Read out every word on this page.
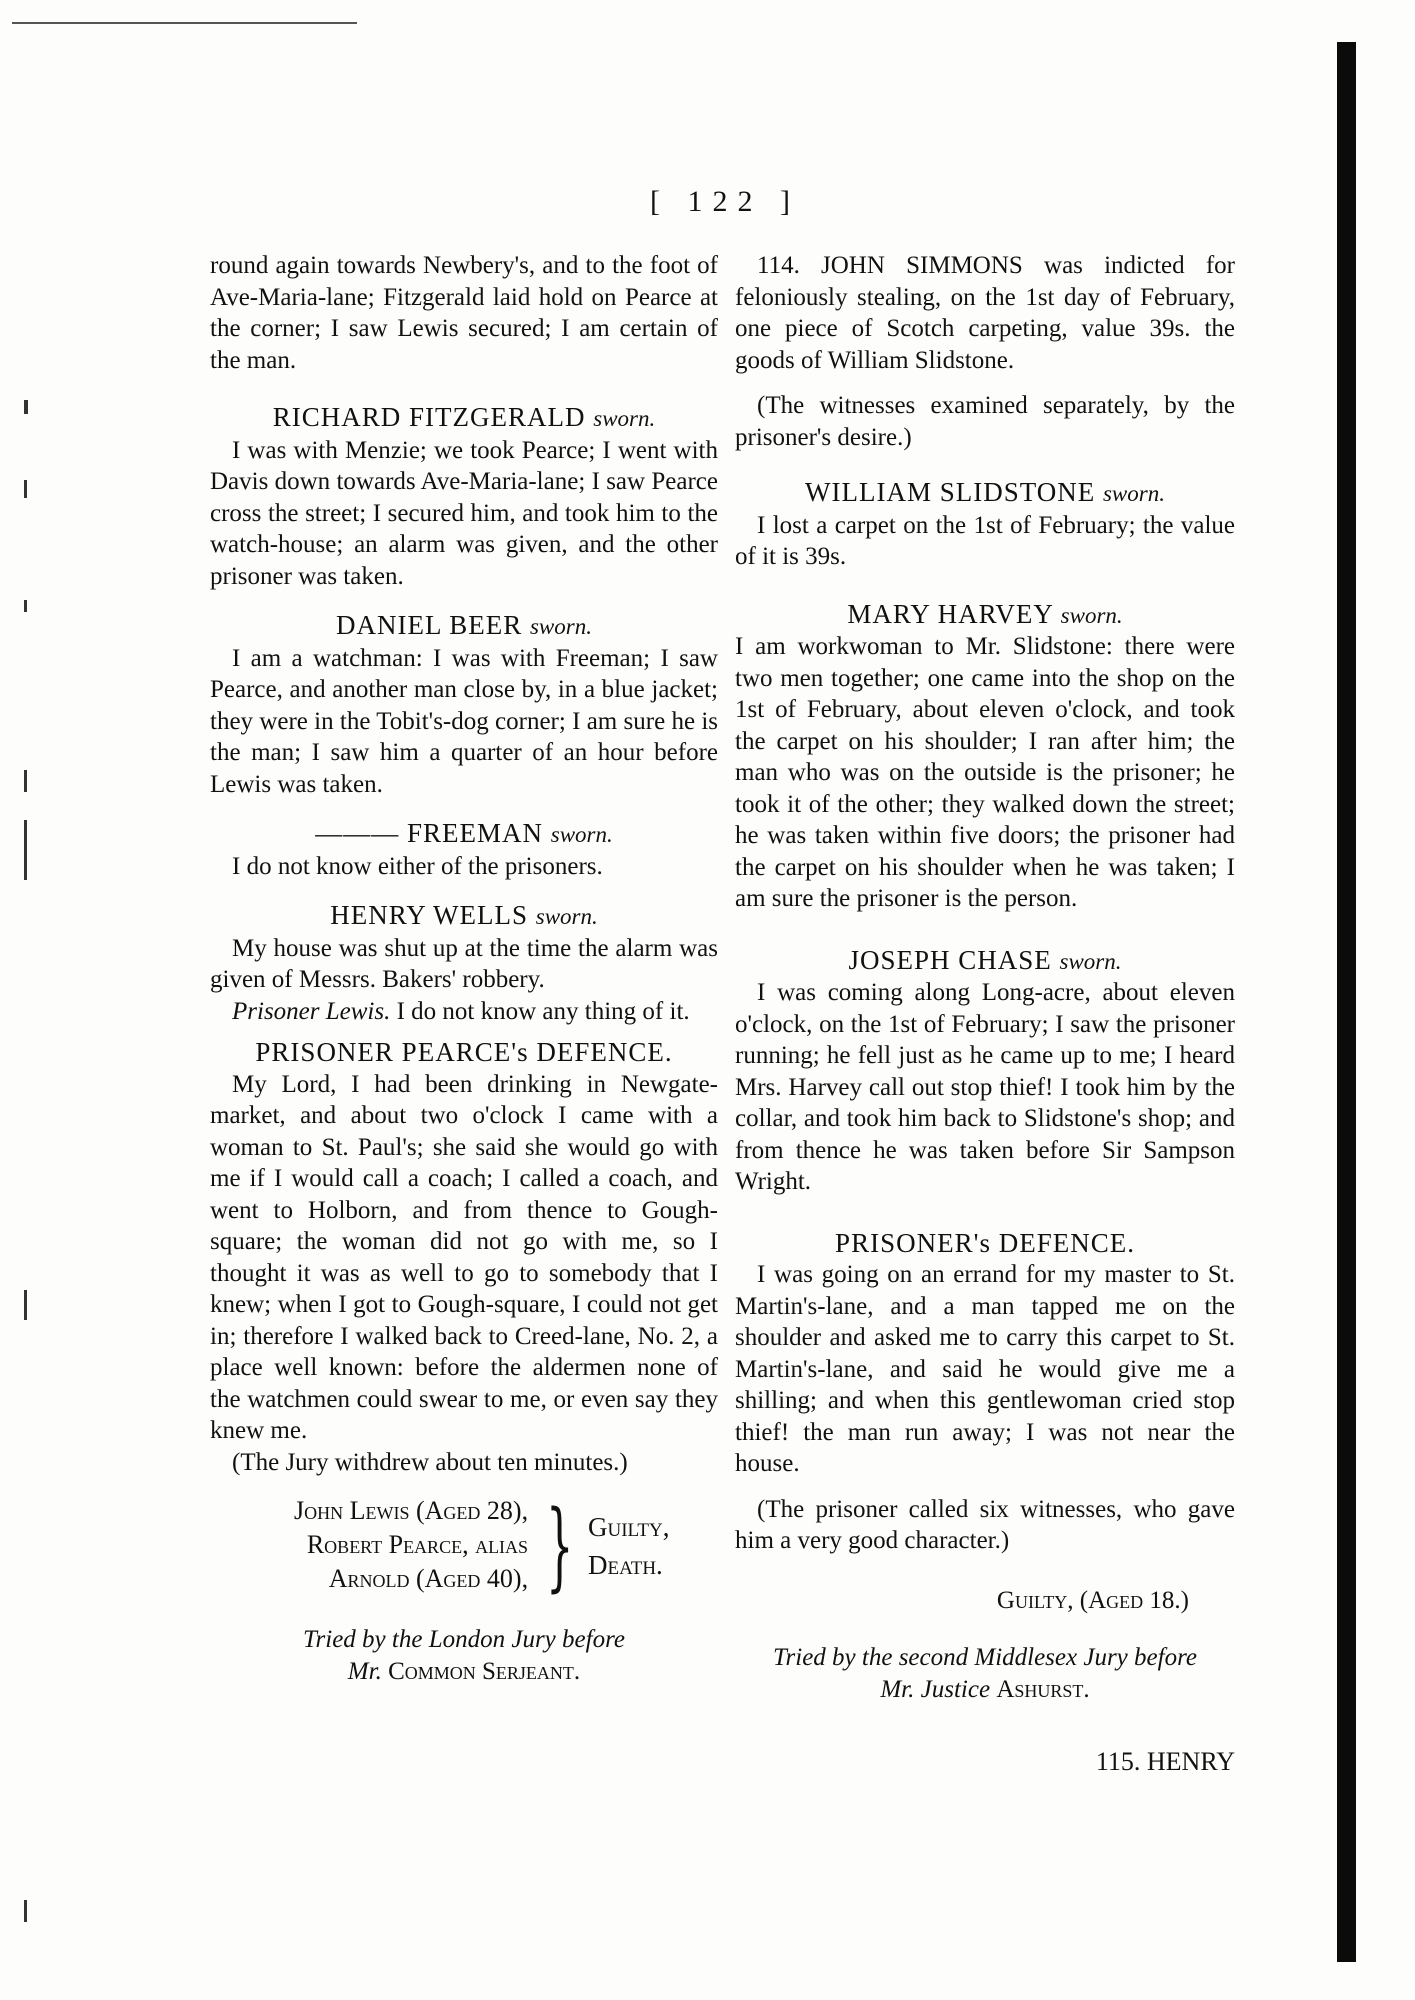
[ 122 ]

round again towards Newbery's, and to the foot of Ave-Maria-lane; Fitzgerald laid hold on Pearce at the corner; I saw Lewis secured; I am certain of the man.

RICHARD FITZGERALD sworn.

I was with Menzie; we took Pearce; I went with Davis down towards Ave-Maria-lane; I saw Pearce cross the street; I secured him, and took him to the watch-house; an alarm was given, and the other prisoner was taken.

DANIEL BEER sworn.

I am a watchman: I was with Freeman; I saw Pearce, and another man close by, in a blue jacket; they were in the Tobit's-dog corner; I am sure he is the man; I saw him a quarter of an hour before Lewis was taken.

——— FREEMAN sworn.

I do not know either of the prisoners.

HENRY WELLS sworn.

My house was shut up at the time the alarm was given of Messrs. Bakers' robbery.

Prisoner Lewis. I do not know any thing of it.

PRISONER PEARCE's DEFENCE.

My Lord, I had been drinking in Newgate-market, and about two o'clock I came with a woman to St. Paul's; she said she would go with me if I would call a coach; I called a coach, and went to Holborn, and from thence to Gough-square; the woman did not go with me, so I thought it was as well to go to somebody that I knew; when I got to Gough-square, I could not get in; therefore I walked back to Creed-lane, No. 2, a place well known: before the aldermen none of the watchmen could swear to me, or even say they knew me.

(The Jury withdrew about ten minutes.)

John Lewis (Aged 28),
Robert Pearce, alias
Arnold (Aged 40), } Guilty,
Death.
Tried by the London Jury before
Mr. Common Serjeant.

114. JOHN SIMMONS was indicted for feloniously stealing, on the 1st day of February, one piece of Scotch carpeting, value 39s. the goods of William Slidstone.

(The witnesses examined separately, by the prisoner's desire.)

WILLIAM SLIDSTONE sworn.

I lost a carpet on the 1st of February; the value of it is 39s.

MARY HARVEY sworn.

I am workwoman to Mr. Slidstone: there were two men together; one came into the shop on the 1st of February, about eleven o'clock, and took the carpet on his shoulder; I ran after him; the man who was on the outside is the prisoner; he took it of the other; they walked down the street; he was taken within five doors; the prisoner had the carpet on his shoulder when he was taken; I am sure the prisoner is the person.

JOSEPH CHASE sworn.

I was coming along Long-acre, about eleven o'clock, on the 1st of February; I saw the prisoner running; he fell just as he came up to me; I heard Mrs. Harvey call out stop thief! I took him by the collar, and took him back to Slidstone's shop; and from thence he was taken before Sir Sampson Wright.

PRISONER's DEFENCE.

I was going on an errand for my master to St. Martin's-lane, and a man tapped me on the shoulder and asked me to carry this carpet to St. Martin's-lane, and said he would give me a shilling; and when this gentlewoman cried stop thief! the man run away; I was not near the house.

(The prisoner called six witnesses, who gave him a very good character.)

Guilty, (Aged 18.)
Tried by the second Middlesex Jury before
Mr. Justice Ashurst.
115. HENRY
